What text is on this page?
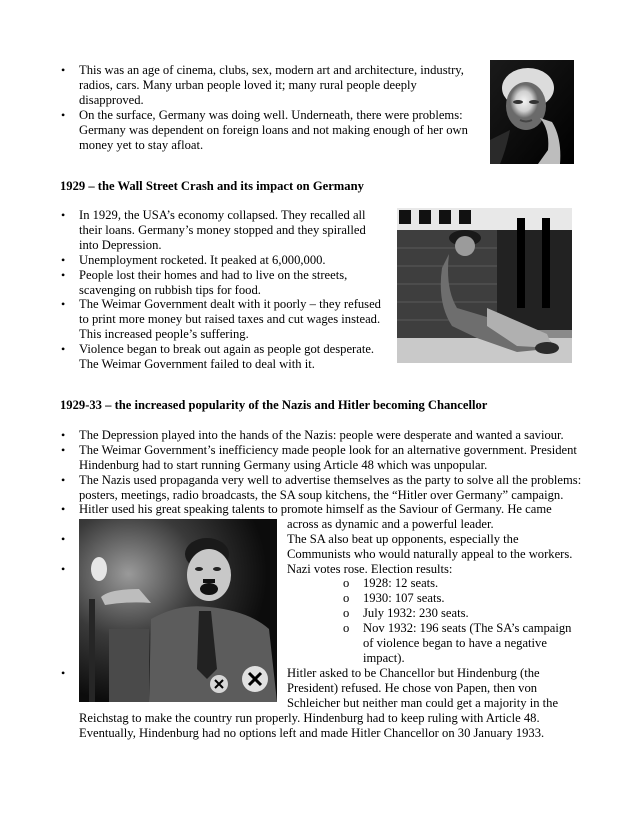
• This was an age of cinema, clubs, sex, modern art and architecture, industry,
radios, cars. Many urban people loved it; many rural people deeply
disapproved.
• On the surface, Germany was doing well. Underneath, there were problems:
Germany was dependent on foreign loans and not making enough of her own
money yet to stay afloat.
1929 – the Wall Street Crash and its impact on Germany
• In 1929, the USA’s economy collapsed. They recalled all
their loans. Germany’s money stopped and they spiralled
into Depression.
• Unemployment rocketed. It peaked at 6,000,000.
• People lost their homes and had to live on the streets,
scavenging on rubbish tips for food.
• The Weimar Government dealt with it poorly – they refused
to print more money but raised taxes and cut wages instead.
This increased people’s suffering.
• Violence began to break out again as people got desperate.
The Weimar Government failed to deal with it.
1929-33 – the increased popularity of the Nazis and Hitler becoming Chancellor
• The Depression played into the hands of the Nazis: people were desperate and wanted a saviour.
• The Weimar Government’s inefficiency made people look for an alternative government. President
Hindenburg had to start running Germany using Article 48 which was unpopular.
• The Nazis used propaganda very well to advertise themselves as the party to solve all the problems:
posters, meetings, radio broadcasts, the SA soup kitchens, the “Hitler over Germany” campaign.
• Hitler used his great speaking talents to promote himself as the Saviour of Germany. He came
across as dynamic and a powerful leader.
•	The SA also beat up opponents, especially the
Communists who would naturally appeal to the workers.
•	Nazi votes rose. Election results:
o 1928: 12 seats.
o 1930: 107 seats.
o July 1932: 230 seats.
o Nov 1932: 196 seats (The SA’s campaign
of violence began to have a negative
impact).
•	Hitler asked to be Chancellor but Hindenburg (the
President) refused. He chose von Papen, then von
Schleicher but neither man could get a majority in the
Reichstag to make the country run properly. Hindenburg had to keep ruling with Article 48.
Eventually, Hindenburg had no options left and made Hitler Chancellor on 30 January 1933.
